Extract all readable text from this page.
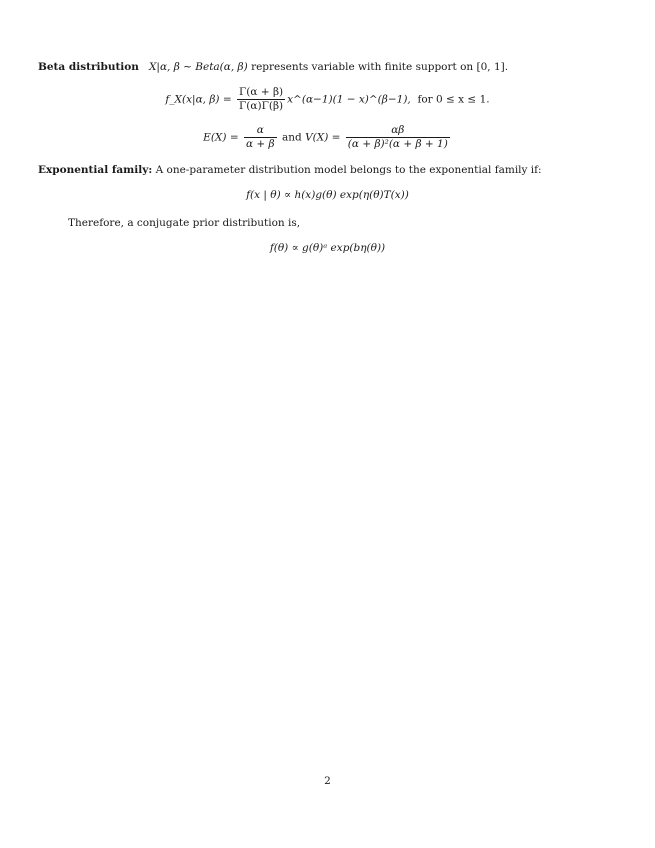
Beta distribution X|α, β ∼ Beta(α, β) represents variable with finite support on [0, 1].
f_X(x|α, $\beta) = \frac{\Gamma(\alpha + \beta)}{\Gamma(\alpha)\Gamma(\beta)}$ x^(α−1)(1 − x)^(β−1), for 0 ≤ x ≤ 1.
$E(X) = \frac{\alpha}{\alpha + \beta}$ and $V(X) = \frac{\alpha\beta}{\text{(α + β)²(α + β + 1)}}$
Exponential family: A one-parameter distribution model belongs to the exponential family if:
f(x | θ) ∝ h(x)g(θ) exp(η(θ)T(x))
Therefore, a conjugate prior distribution is,
f(θ) ∝ g(θ)ᵃ exp(bη(θ))
2
